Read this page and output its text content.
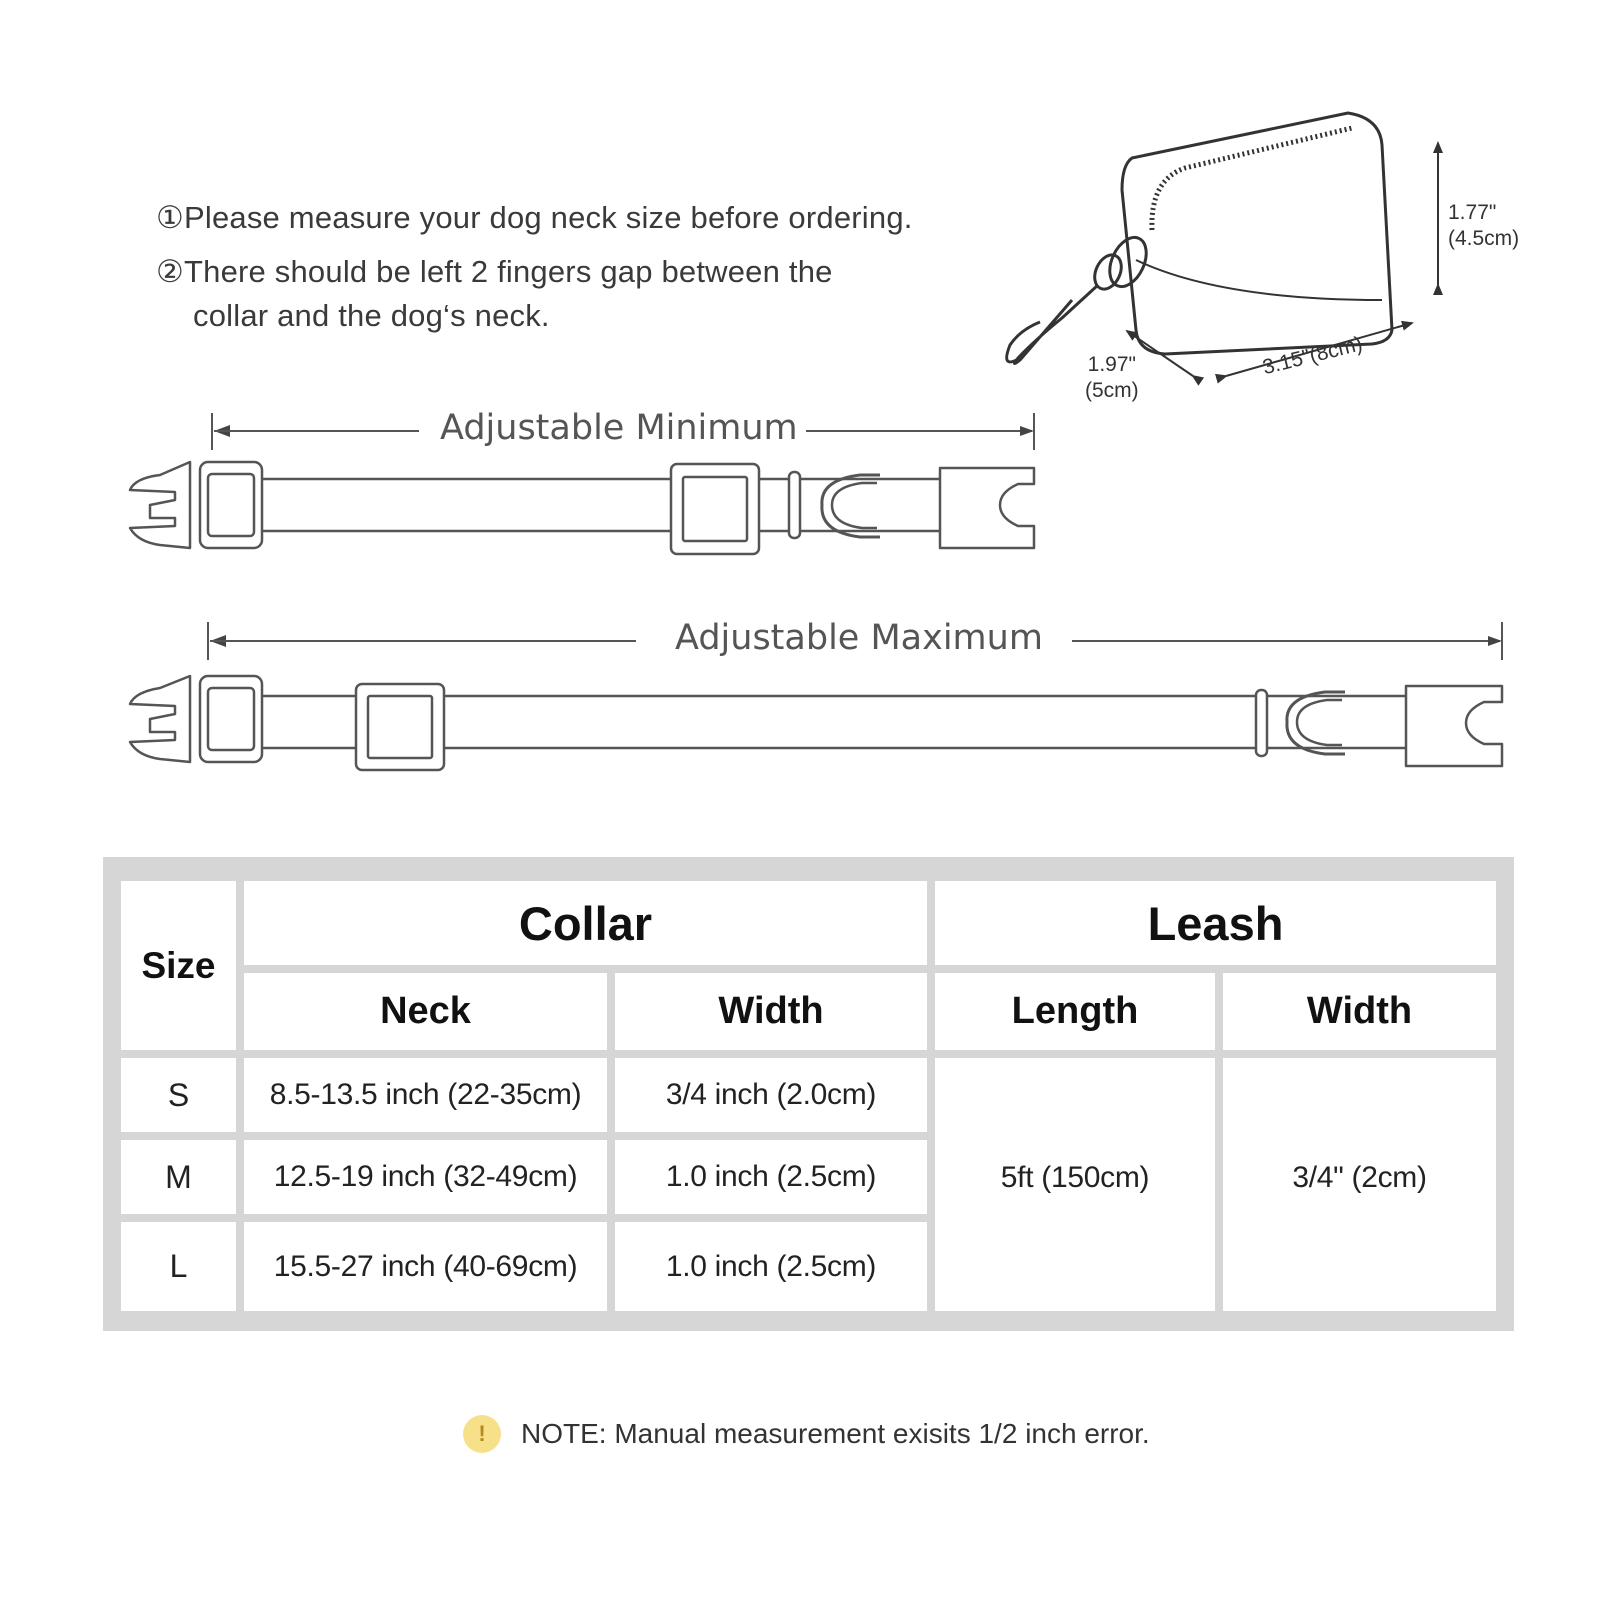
①Please measure your dog neck size before ordering.
②There should be left 2 fingers gap between the
collar and the dog‘s neck.
1.77"
(4.5cm)
1.97"
(5cm)
3.15"(8cm)
Adjustable Minimum
Adjustable Maximum
Size
Collar	Leash
Neck	Width	Length	Width
S	8.5-13.5 inch (22-35cm)	3/4 inch (2.0cm)
M	12.5-19 inch (32-49cm)	1.0 inch (2.5cm)
L	15.5-27 inch (40-69cm)	1.0 inch (2.5cm)
5ft (150cm)	3/4" (2cm)
!	NOTE: Manual measurement exisits 1/2 inch error.
